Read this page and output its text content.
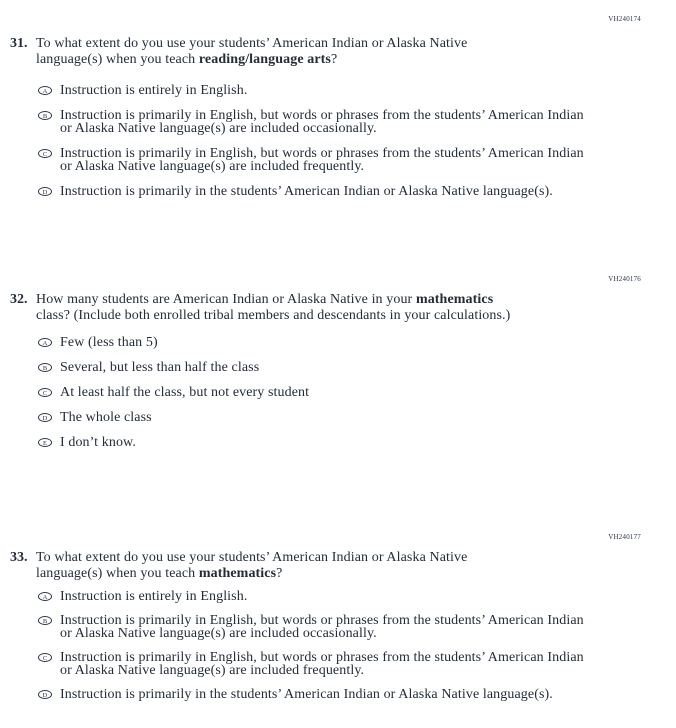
VH240174
31. To what extent do you use your students’ American Indian or Alaska Native
language(s) when you teach reading/language arts?
A Instruction is entirely in English.
B Instruction is primarily in English, but words or phrases from the students’ American Indian
or Alaska Native language(s) are included occasionally.
C Instruction is primarily in English, but words or phrases from the students’ American Indian
or Alaska Native language(s) are included frequently.
D Instruction is primarily in the students’ American Indian or Alaska Native language(s).
VH240176
32. How many students are American Indian or Alaska Native in your mathematics
class? (Include both enrolled tribal members and descendants in your calculations.)
A Few (less than 5)
B Several, but less than half the class
C At least half the class, but not every student
D The whole class
E I don’t know.
VH240177
33. To what extent do you use your students’ American Indian or Alaska Native
language(s) when you teach mathematics?
A Instruction is entirely in English.
B Instruction is primarily in English, but words or phrases from the students’ American Indian
or Alaska Native language(s) are included occasionally.
C Instruction is primarily in English, but words or phrases from the students’ American Indian
or Alaska Native language(s) are included frequently.
D Instruction is primarily in the students’ American Indian or Alaska Native language(s).
